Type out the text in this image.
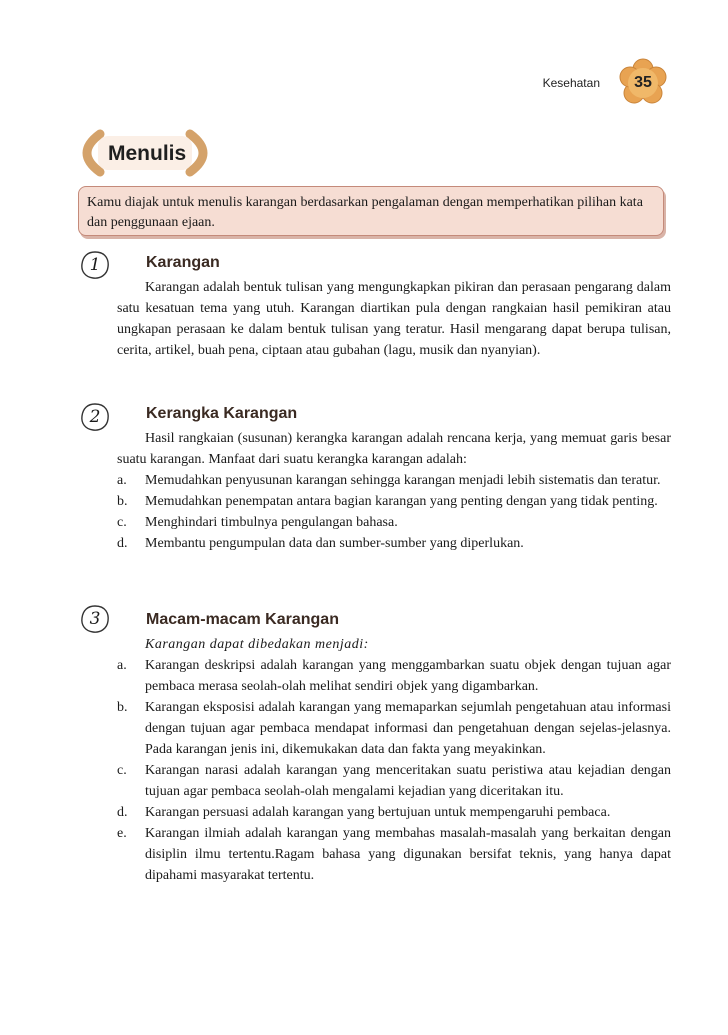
Kesehatan	35
Menulis
Kamu diajak untuk menulis karangan berdasarkan pengalaman dengan memperhatikan pilihan kata dan penggunaan ejaan.
1	Karangan
Karangan adalah bentuk tulisan yang mengungkapkan pikiran dan perasaan pengarang dalam satu kesatuan tema yang utuh. Karangan diartikan pula dengan rangkaian hasil pemikiran atau ungkapan perasaan ke dalam bentuk tulisan yang teratur. Hasil mengarang dapat berupa tulisan, cerita, artikel, buah pena, ciptaan atau gubahan (lagu, musik dan nyanyian).
2	Kerangka Karangan
Hasil rangkaian (susunan) kerangka karangan adalah rencana kerja, yang memuat garis besar suatu karangan. Manfaat dari suatu kerangka karangan adalah:
a. Memudahkan penyusunan karangan sehingga karangan menjadi lebih sistematis dan teratur.
b. Memudahkan penempatan antara bagian karangan yang penting dengan yang tidak penting.
c. Menghindari timbulnya pengulangan bahasa.
d. Membantu pengumpulan data dan sumber-sumber yang diperlukan.
3	Macam-macam Karangan
Karangan dapat dibedakan menjadi:
a. Karangan deskripsi adalah karangan yang menggambarkan suatu objek dengan tujuan agar pembaca merasa seolah-olah melihat sendiri objek yang digambarkan.
b. Karangan eksposisi adalah karangan yang memaparkan sejumlah pengetahuan atau informasi dengan tujuan agar pembaca mendapat informasi dan pengetahuan dengan sejelas-jelasnya. Pada karangan jenis ini, dikemukakan data dan fakta yang meyakinkan.
c. Karangan narasi adalah karangan yang menceritakan suatu peristiwa atau kejadian dengan tujuan agar pembaca seolah-olah mengalami kejadian yang diceritakan itu.
d. Karangan persuasi adalah karangan yang bertujuan untuk mempengaruhi pembaca.
e. Karangan ilmiah adalah karangan yang membahas masalah-masalah yang berkaitan dengan disiplin ilmu tertentu.Ragam bahasa yang digunakan bersifat teknis, yang hanya dapat dipahami masyarakat tertentu.
